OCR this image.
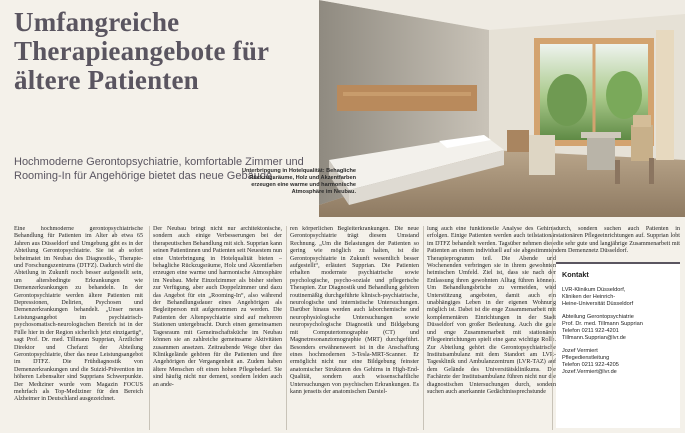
Umfangreiche Therapieangebote für ältere Patienten

Hochmoderne Gerontopsychiatrie, komfortable Zimmer und Rooming-In für Angehörige bietet das neue Gebäude.

Unterbringung in Hotelqualität: Behagliche Rückzugsräume, Holz und Akzentfarben erzeugen eine warme und harmonische Atmosphäre im Neubau.

Eine hochmoderne gerontopsychiatrische Behandlung für Patienten im Alter ab etwa 65 Jahren aus Düsseldorf und Umgebung gibt es in der Abteilung Gerontopsychiatrie. Sie ist ab sofort beheimatet im Neubau des Diagnostik-, Therapie- und Forschungszentrums (DTFZ). Dadurch wird die Abteilung in Zukunft noch besser aufgestellt sein, um altersbedingte Erkrankungen wie Demenzerkrankungen zu behandeln. In der Gerontopsychiatrie werden ältere Patienten mit Depressionen, Delirien, Psychosen und Demenzerkrankungen behandelt. „Unser neues Leistungsangebot im psychiatrisch-psychosomatisch-neurologischen Bereich ist in der Fülle hier in der Region sicherlich jetzt einzigartig“, sagt Prof. Dr. med. Tillmann Supprian, Ärztlicher Direktor und Chefarzt der Abteilung Gerontopsychiatrie, über das neue Leistungsangebot im DTFZ. Die Frühdiagnostik von Demenzerkrankungen und die Suizid-Prävention im höheren Lebensalter sind Supprians Schwerpunkte. Der Mediziner wurde vom Magazin FOCUS mehrfach als Top-Mediziner für den Bereich Alzheimer in Deutschland ausgezeichnet.

Der Neubau bringt nicht nur architektonische, sondern auch einige Verbesserungen bei der therapeutischen Behandlung mit sich. Supprian kann seinen Patientinnen und Patienten seit Neuestem nun eine Unterbringung in Hotelqualität bieten – behagliche Rückzugsräume, Holz und Akzentfarben erzeugen eine warme und harmonische Atmosphäre im Neubau. Mehr Einzelzimmer als bisher stehen zur Verfügung, aber auch Doppelzimmer und dazu das Angebot für ein „Rooming-In“, also während der Behandlungsdauer eines Angehörigen als Begleitperson mit aufgenommen zu werden. Die Patienten der Altenpsychiatrie sind auf mehreren Stationen untergebracht. Durch einen gemeinsamen Tagesraum mit Gemeinschaftsküche im Neubau können sie an zahlreiche gemeinsame Aktivitäten zusammen ansetzen. Zeitraubende Wege über das Klinikgelände gehören für die Patienten und ihre Angehörigen der Vergangenheit an. Zudem haben ältere Menschen oft einen hohen Pflegebedarf. Sie sind häufig nicht nur dement, sondern leiden auch an ande-

ren körperlichen Begleiterkrankungen. Die neue Gerontopsychiatrie trägt diesem Umstand Rechnung. „Um die Belastungen der Patienten so gering wie möglich zu halten, ist die Gerontopsychiatrie in Zukunft wesentlich besser aufgestellt“, erläutert Supprian. Die Patienten erhalten modernste psychiatrische sowie psychologische, psycho-soziale und pflegerische Therapien. Zur Diagnostik und Behandlung gehören routinemäßig durchgeführte klinisch-psychiatrische, neurologische und internistische Untersuchungen. Darüber hinaus werden auch laborchemische und neurophysiologische Untersuchungen sowie neuropsychologische Diagnostik und Bildgebung mit Computertomographie (CT) und Magnetresonanztomographie (MRT) durchgeführt. Besonders erwähnenswert ist in die Anschaffung eines hochmodernen 3-Tesla-MRT-Scanner. Er ermöglicht nicht nur eine Bildgebung feinster anatomischer Strukturen des Gehirns in High-End-Qualität, sondern auch wissenschaftliche Untersuchungen von psychischen Erkrankungen. Es kann jenseits der anatomischen Darstel-

lung auch eine funktionelle Analyse des Gehirns erfolgen. Einige Patienten werden auch teilstationär im DTFZ behandelt werden. Tagsüber nehmen diese Patienten an einem individuell auf sie abgestimmten Therapieprogramm teil. Die Abende und Wochenenden verbringen sie in ihrem gewohnten heimischen Umfeld. Ziel ist, dass sie nach der Entlassung ihren gewohnten Alltag führen können. Um Behandlungsbrüche zu vermeiden, wird Unterstützung angeboten, damit auch ein unabhängiges Leben in der eigenen Wohnung möglich ist. Dabei ist die enge Zusammenarbeit mit komplementären Einrichtungen in der Stadt Düsseldorf von großer Bedeutung. Auch die gute und enge Zusammenarbeit mit stationären Pflegeeinrichtungen spielt eine ganz wichtige Rolle. Zur Abteilung gehört die Gerontopsychiatrische Institutsambulanz mit dem Standort am LVR-Tagesklinik und Ambulanzzentrum (LVR-TAZ) auf dem Gelände des Universitätsklinikums. Die Fachärzte der Institutsambulanz führen nicht nur die diagnostischen Untersuchungen durch, sondern suchen auch anerkannte Gedächtnissprechstunde

durch, sondern suchen auch Patienten in stationären Pflegeeinrichtungen auf. Supprian lobt die sehr gute und langjährige Zusammenarbeit mit dem Demenznetz Düsseldorf.

Kontakt
LVR-Klinikum Düsseldorf,
Kliniken der Heinrich-
Heine-Universität Düsseldorf
Abteilung Gerontopsychiatrie
Prof. Dr. med. Tillmann Supprian
Telefon 0211 922-4201
Tillmann.Supprian@lvr.de
Jozef Vermiert
Pflegedienstleitung
Telefon 0211 922-4205
Jozef.Vermiert@lvr.de
